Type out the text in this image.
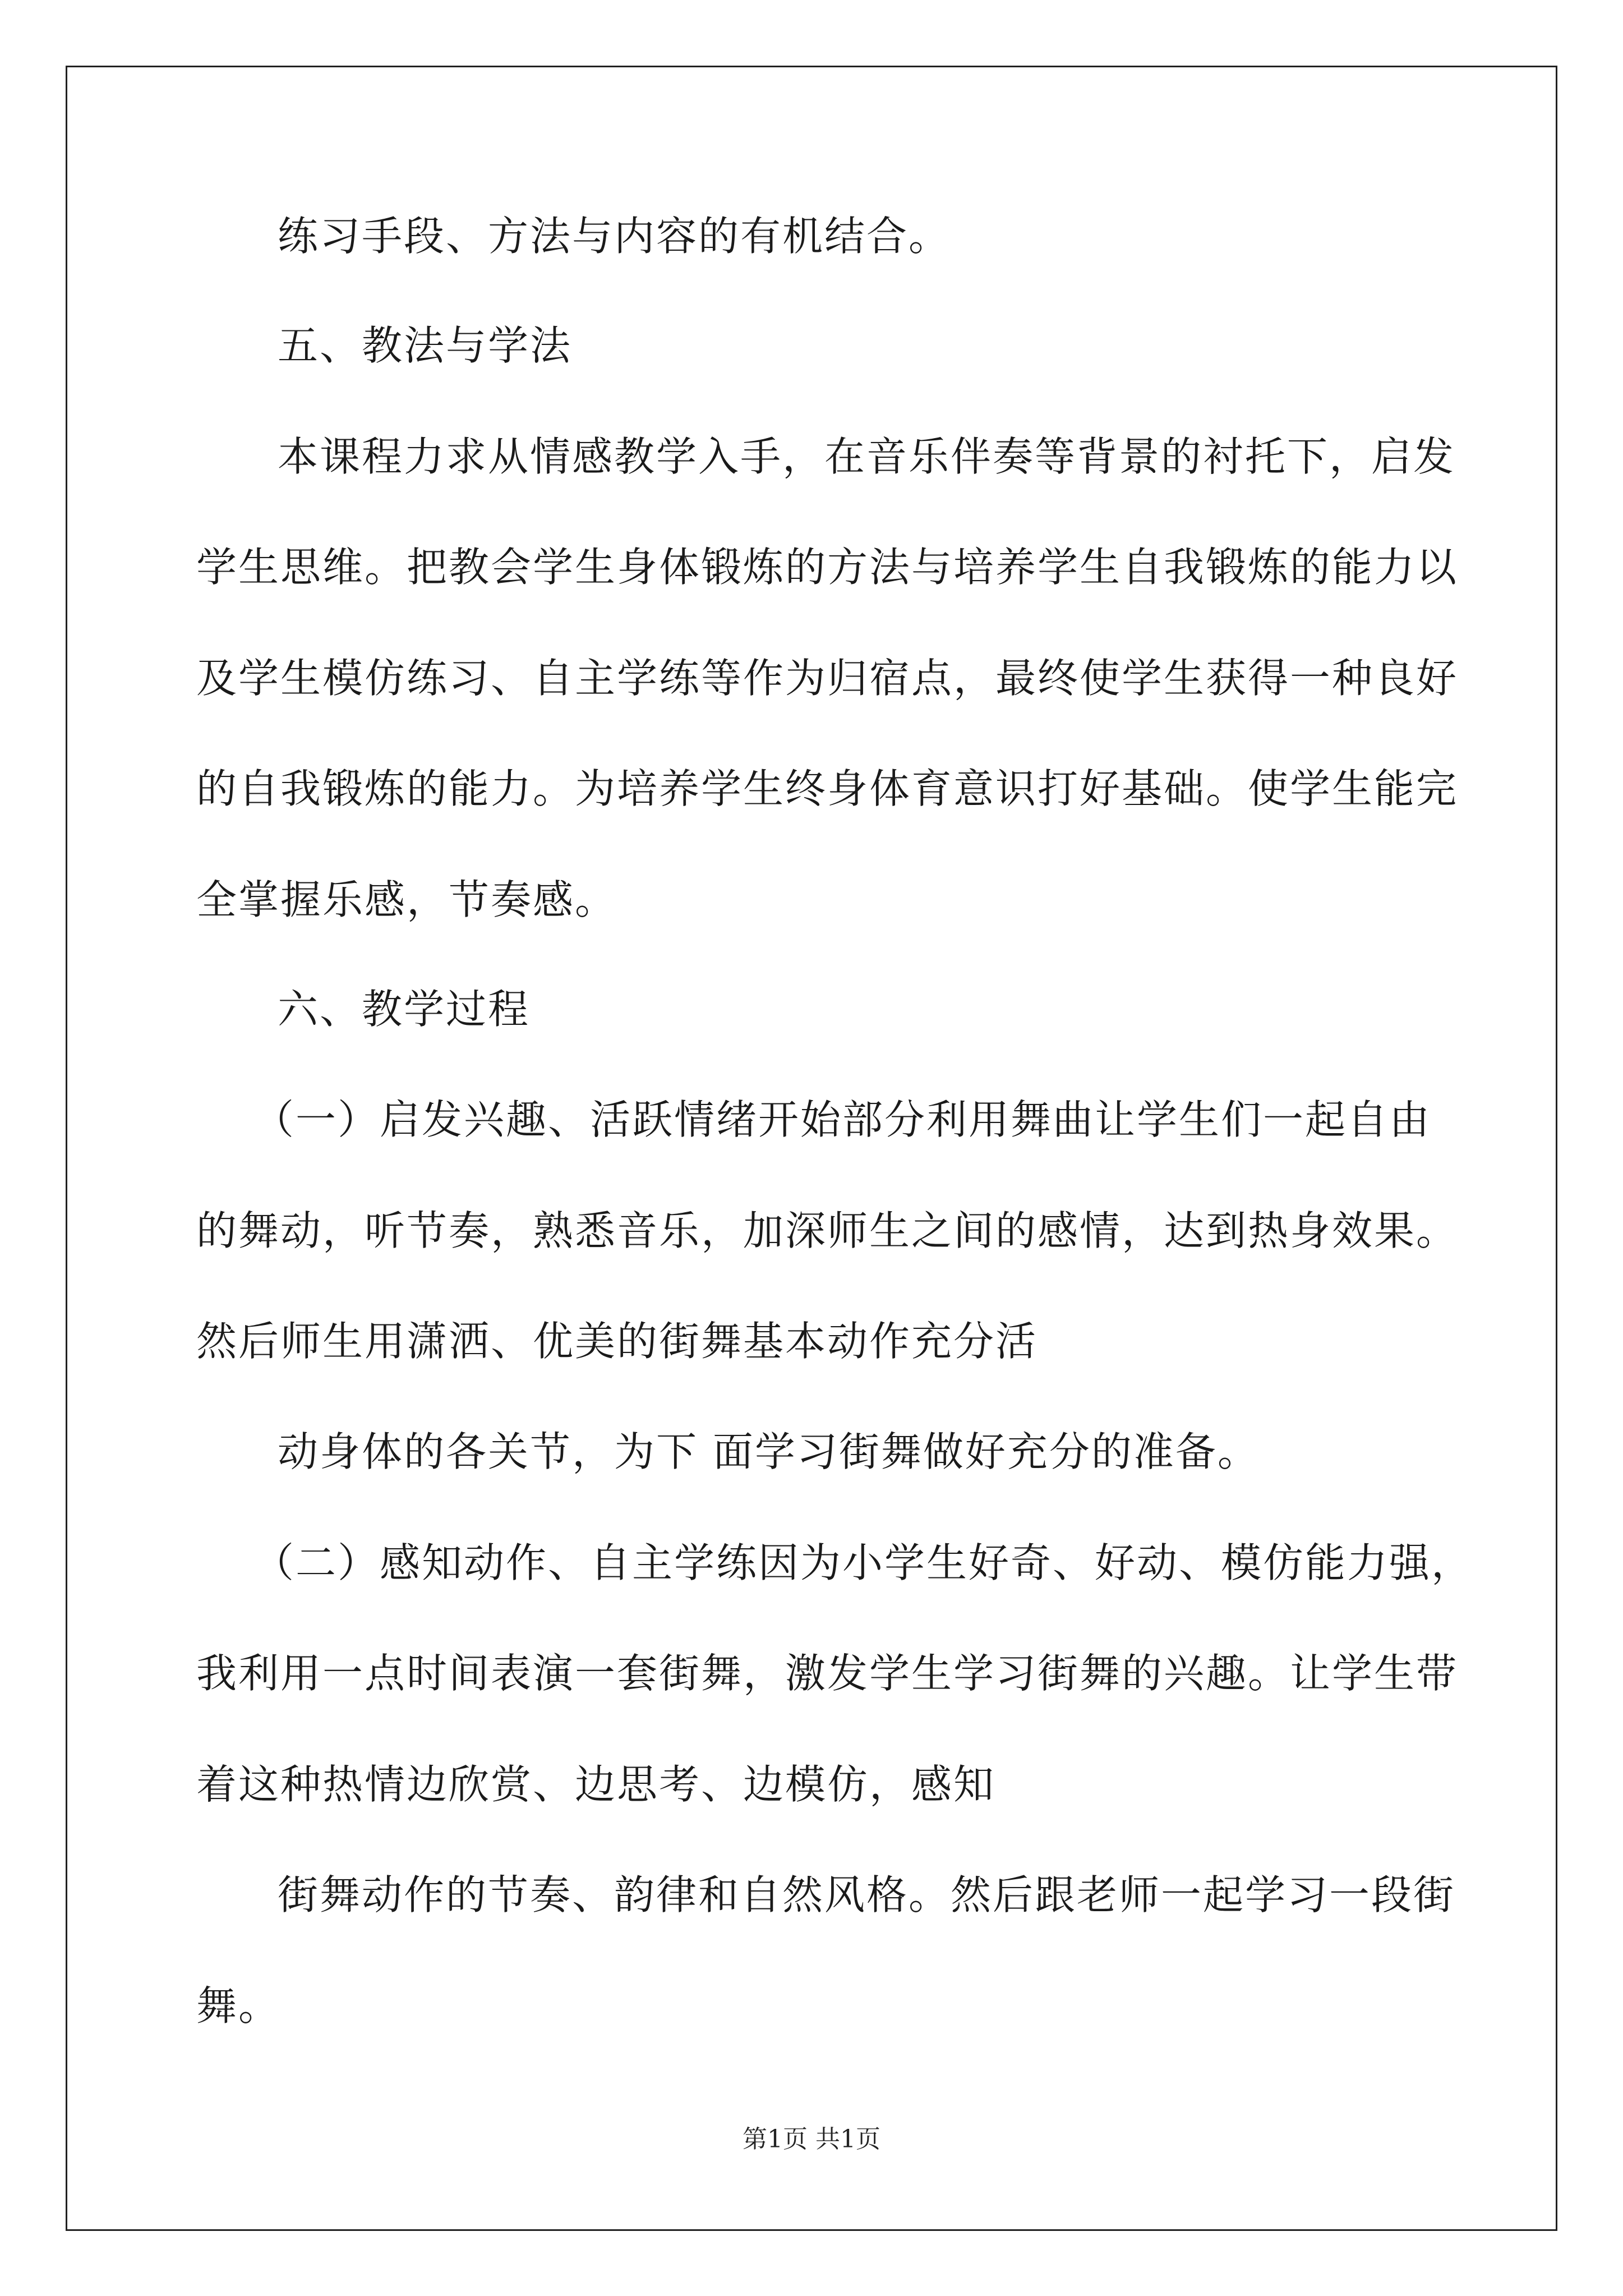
练习手段、方法与内容的有机结合。
五、教法与学法
本课程力求从情感教学入手，在音乐伴奏等背景的衬托下，启发
学生思维。把教会学生身体锻炼的方法与培养学生自我锻炼的能力以
及学生模仿练习、自主学练等作为归宿点，最终使学生获得一种良好
的自我锻炼的能力。为培养学生终身体育意识打好基础。使学生能完
全掌握乐感，节奏感。
六、教学过程
（一）启发兴趣、活跃情绪开始部分利用舞曲让学生们一起自由
的舞动，听节奏，熟悉音乐，加深师生之间的感情，达到热身效果。
然后师生用潇洒、优美的街舞基本动作充分活
动身体的各关节，为下 面学习街舞做好充分的准备。
（二）感知动作、自主学练因为小学生好奇、好动、模仿能力强，
我利用一点时间表演一套街舞，激发学生学习街舞的兴趣。让学生带
着这种热情边欣赏、边思考、边模仿，感知
街舞动作的节奏、韵律和自然风格。然后跟老师一起学习一段街
舞。
第1页 共1页
